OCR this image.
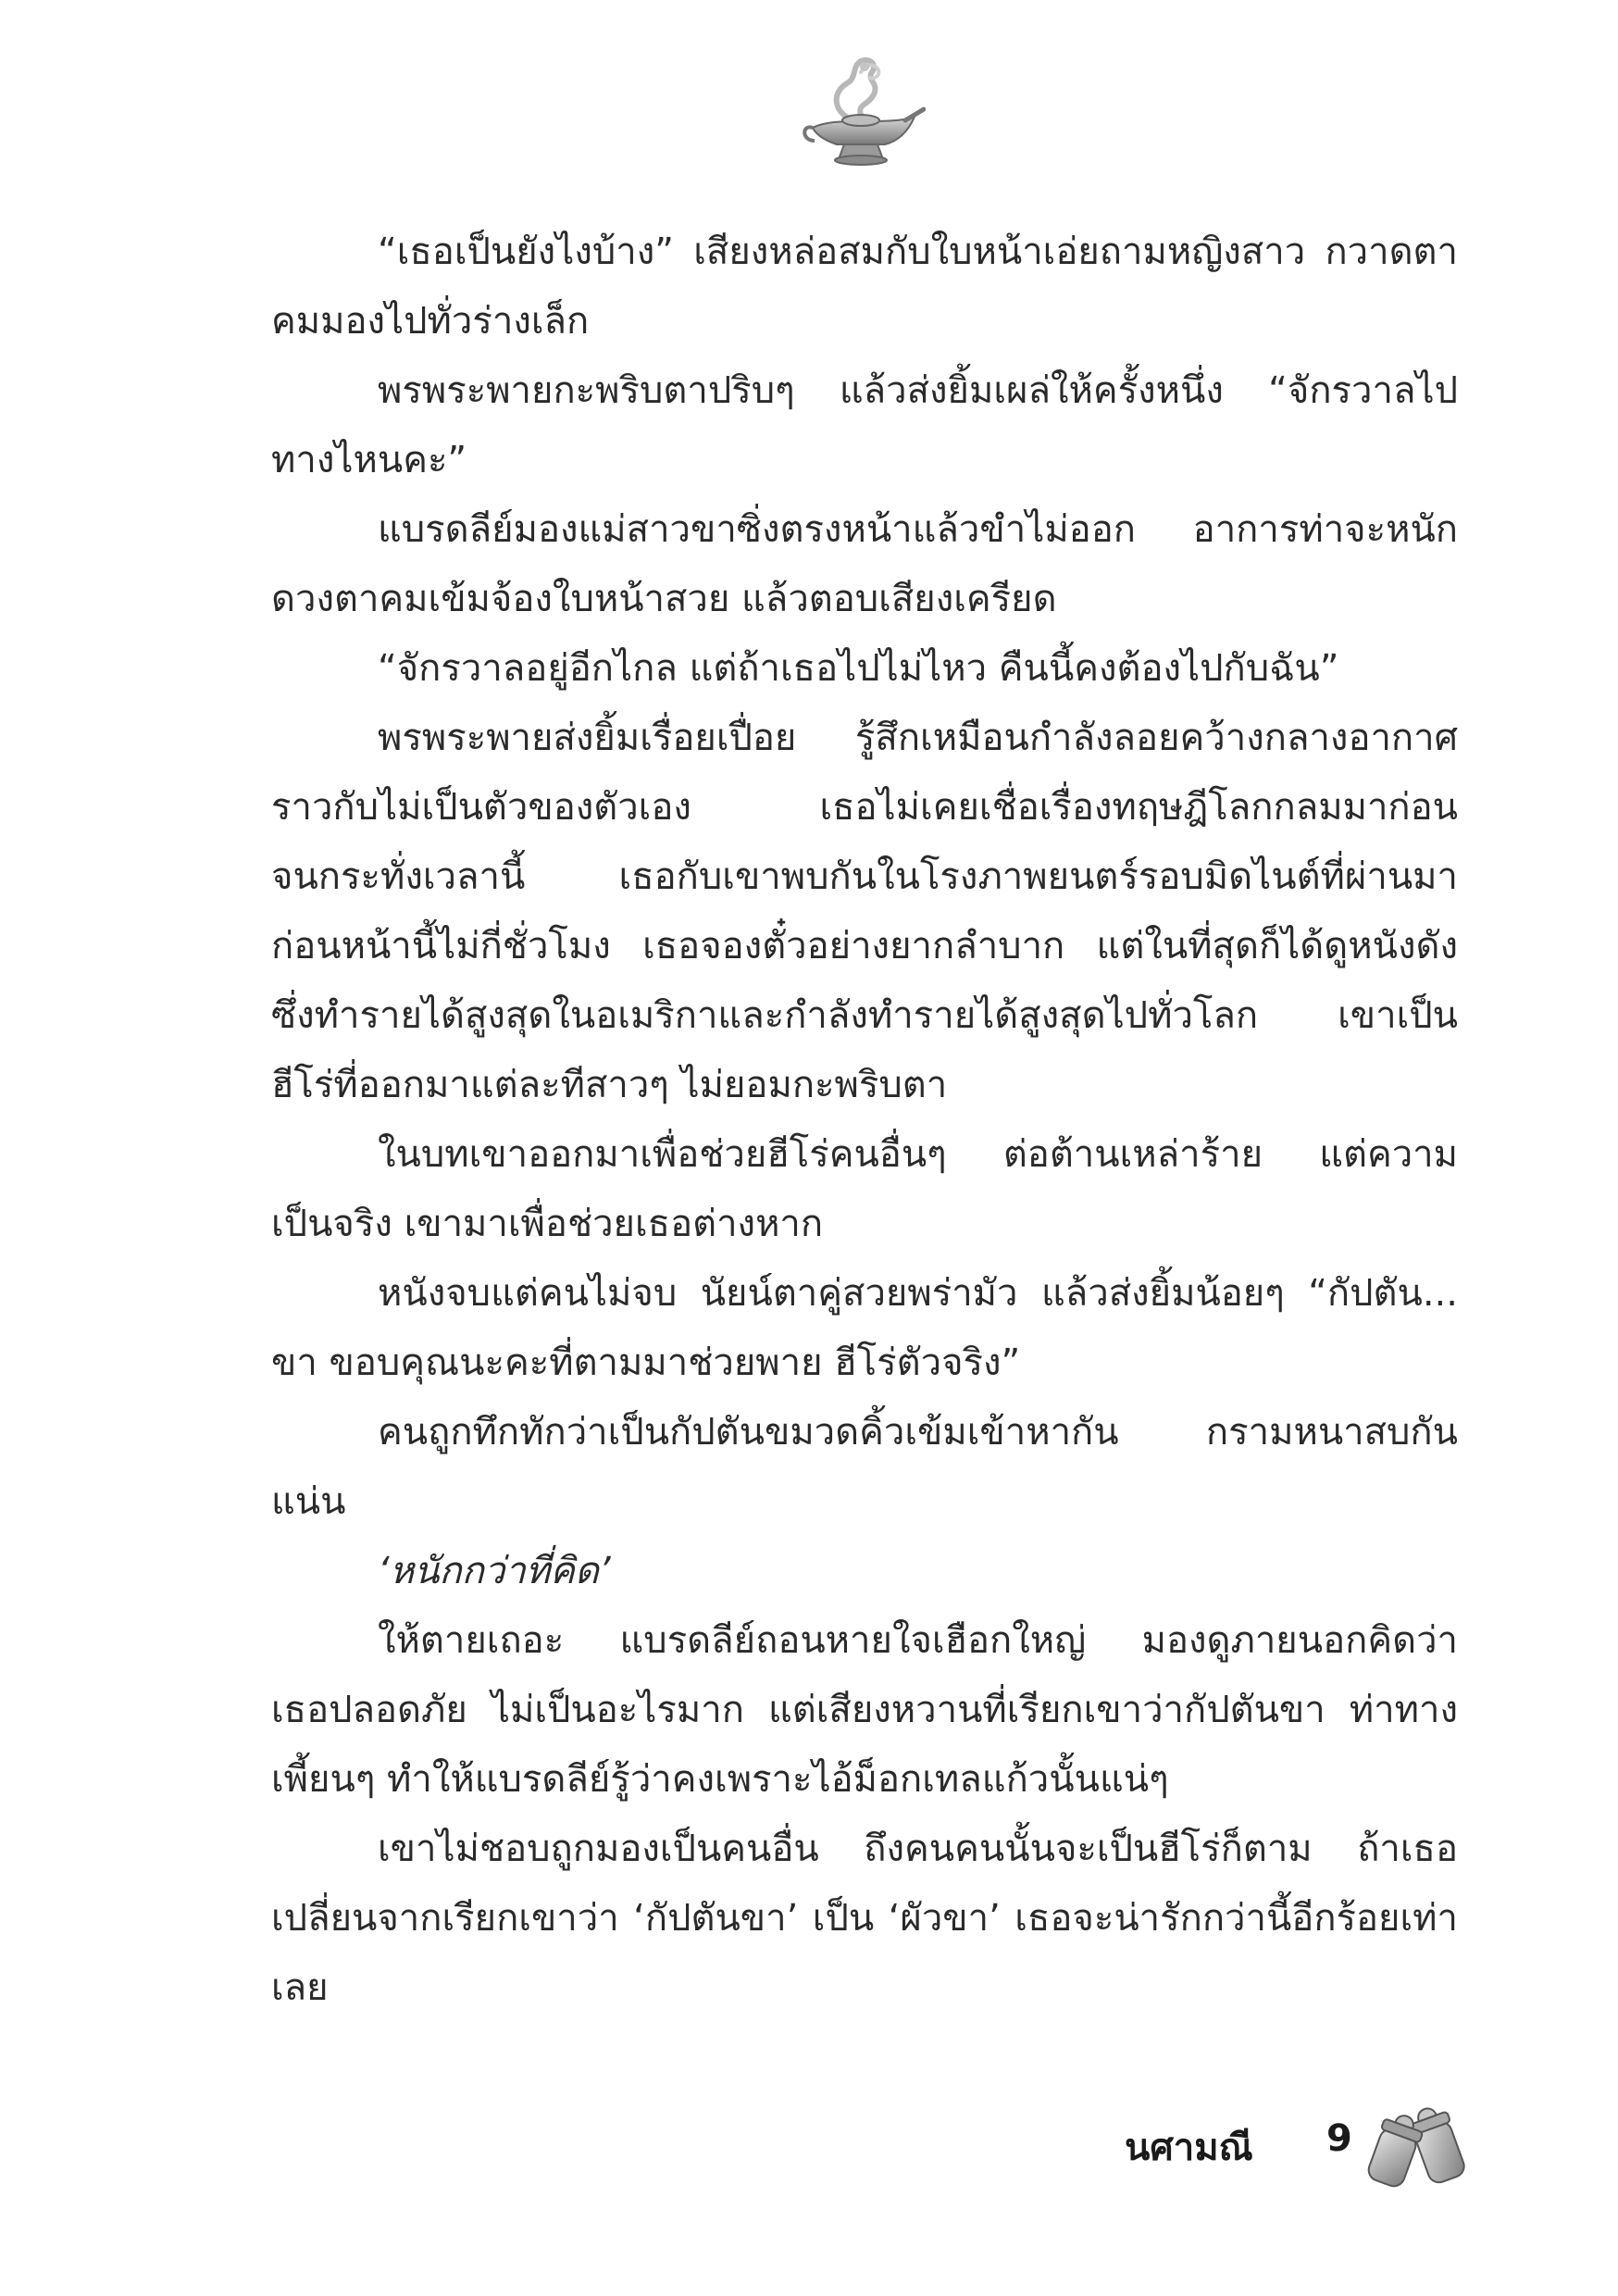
“เธอเป็นยังไงบ้าง” เสียงหล่อสมกับใบหน้าเอ่ยถามหญิงสาว กวาดตา
คมมองไปทั่วร่างเล็ก
พรพระพายกะพริบตาปริบๆ แล้วส่งยิ้มเผล่ให้ครั้งหนึ่ง “จักรวาลไป
ทางไหนคะ”
แบรดลีย์มองแม่สาวขาซิ่งตรงหน้าแล้วขำไม่ออก อาการท่าจะหนัก
ดวงตาคมเข้มจ้องใบหน้าสวย แล้วตอบเสียงเครียด
“จักรวาลอยู่อีกไกล แต่ถ้าเธอไปไม่ไหว คืนนี้คงต้องไปกับฉัน”
พรพระพายส่งยิ้มเรื่อยเปื่อย รู้สึกเหมือนกำลังลอยคว้างกลางอากาศ
ราวกับไม่เป็นตัวของตัวเอง	เธอไม่เคยเชื่อเรื่องทฤษฎีโลกกลมมาก่อน
จนกระทั่งเวลานี้	เธอกับเขาพบกันในโรงภาพยนตร์รอบมิดไนต์ที่ผ่านมา
ก่อนหน้านี้ไม่กี่ชั่วโมง เธอจองตั๋วอย่างยากลำบาก แต่ในที่สุดก็ได้ดูหนังดัง
ซึ่งทำรายได้สูงสุดในอเมริกาและกำลังทำรายได้สูงสุดไปทั่วโลก เขาเป็น
ฮีโร่ที่ออกมาแต่ละทีสาวๆ ไม่ยอมกะพริบตา
ในบทเขาออกมาเพื่อช่วยฮีโร่คนอื่นๆ ต่อต้านเหล่าร้าย แต่ความ
เป็นจริง เขามาเพื่อช่วยเธอต่างหาก
หนังจบแต่คนไม่จบ นัยน์ตาคู่สวยพร่ามัว แล้วส่งยิ้มน้อยๆ “กัปตัน...
ขา ขอบคุณนะคะที่ตามมาช่วยพาย ฮีโร่ตัวจริง”
คนถูกทึกทักว่าเป็นกัปตันขมวดคิ้วเข้มเข้าหากัน กรามหนาสบกัน
แน่น
‘หนักกว่าที่คิด’
ให้ตายเถอะ แบรดลีย์ถอนหายใจเฮือกใหญ่ มองดูภายนอกคิดว่า
เธอปลอดภัย ไม่เป็นอะไรมาก แต่เสียงหวานที่เรียกเขาว่ากัปตันขา ท่าทาง
เพี้ยนๆ ทำให้แบรดลีย์รู้ว่าคงเพราะไอ้ม็อกเทลแก้วนั้นแน่ๆ
เขาไม่ชอบถูกมองเป็นคนอื่น ถึงคนคนนั้นจะเป็นฮีโร่ก็ตาม ถ้าเธอ
เปลี่ยนจากเรียกเขาว่า ‘กัปตันขา’ เป็น ‘ผัวขา’ เธอจะน่ารักกว่านี้อีกร้อยเท่า
เลย
นศามณี 9
